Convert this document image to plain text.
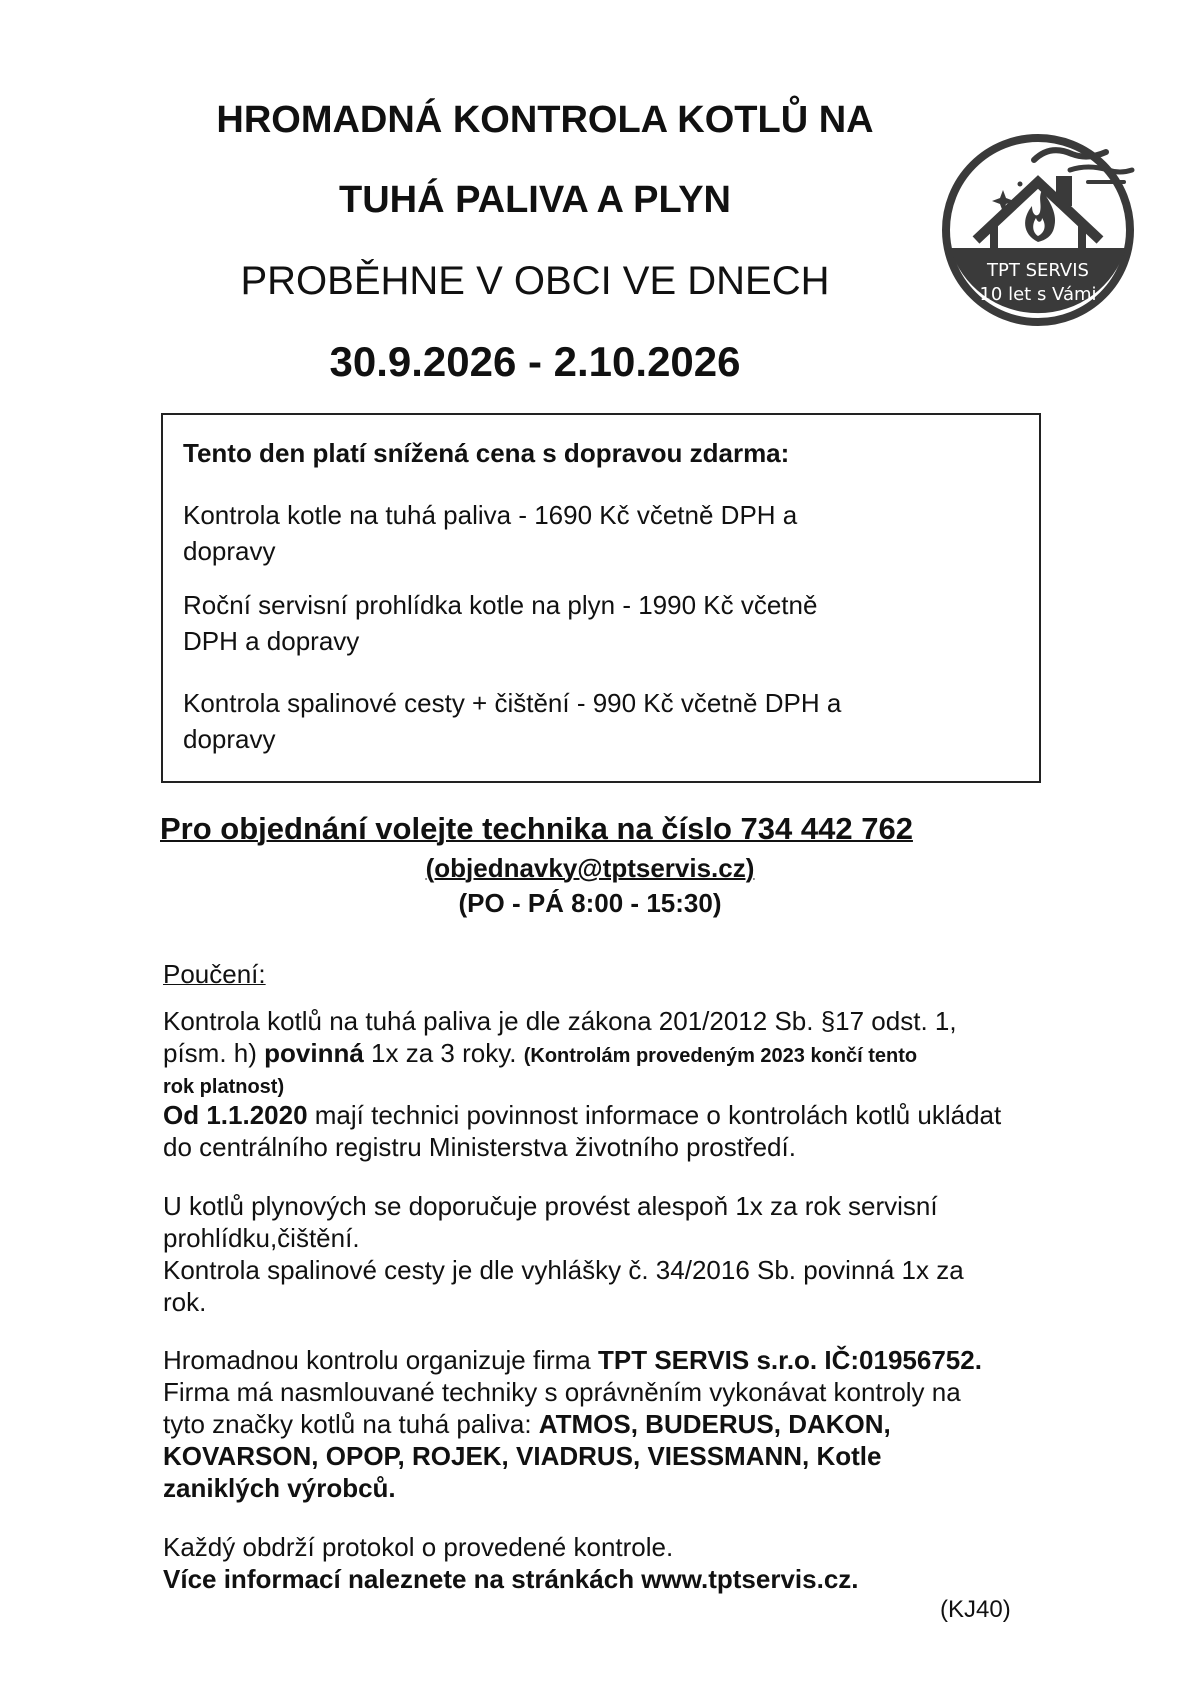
HROMADNÁ KONTROLA KOTLŮ NA
TUHÁ PALIVA A PLYN
PROBĚHNE V OBCI VE DNECH
30.9.2026 - 2.10.2026
TPT SERVIS
10 let s Vámi
Tento den platí snížená cena s dopravou zdarma:
Kontrola kotle na tuhá paliva - 1690 Kč včetně DPH a
dopravy
Roční servisní prohlídka kotle na plyn - 1990 Kč včetně
DPH a dopravy
Kontrola spalinové cesty + čištění - 990 Kč včetně DPH a
dopravy
Pro objednání volejte technika na číslo 734 442 762
(objednavky@tptservis.cz)
(PO - PÁ 8:00 - 15:30)
Poučení:
Kontrola kotlů na tuhá paliva je dle zákona 201/2012 Sb. §17 odst. 1,
písm. h) povinná 1x za 3 roky. (Kontrolám provedeným 2023 končí tento
rok platnost)
Od 1.1.2020 mají technici povinnost informace o kontrolách kotlů ukládat
do centrálního registru Ministerstva životního prostředí.
U kotlů plynových se doporučuje provést alespoň 1x za rok servisní
prohlídku,čištění.
Kontrola spalinové cesty je dle vyhlášky č. 34/2016 Sb. povinná 1x za
rok.
Hromadnou kontrolu organizuje firma TPT SERVIS s.r.o. IČ:01956752.
Firma má nasmlouvané techniky s oprávněním vykonávat kontroly na
tyto značky kotlů na tuhá paliva: ATMOS, BUDERUS, DAKON,
KOVARSON, OPOP, ROJEK, VIADRUS, VIESSMANN, Kotle
zaniklých výrobců.
Každý obdrží protokol o provedené kontrole.
Více informací naleznete na stránkách www.tptservis.cz.
(KJ40)
